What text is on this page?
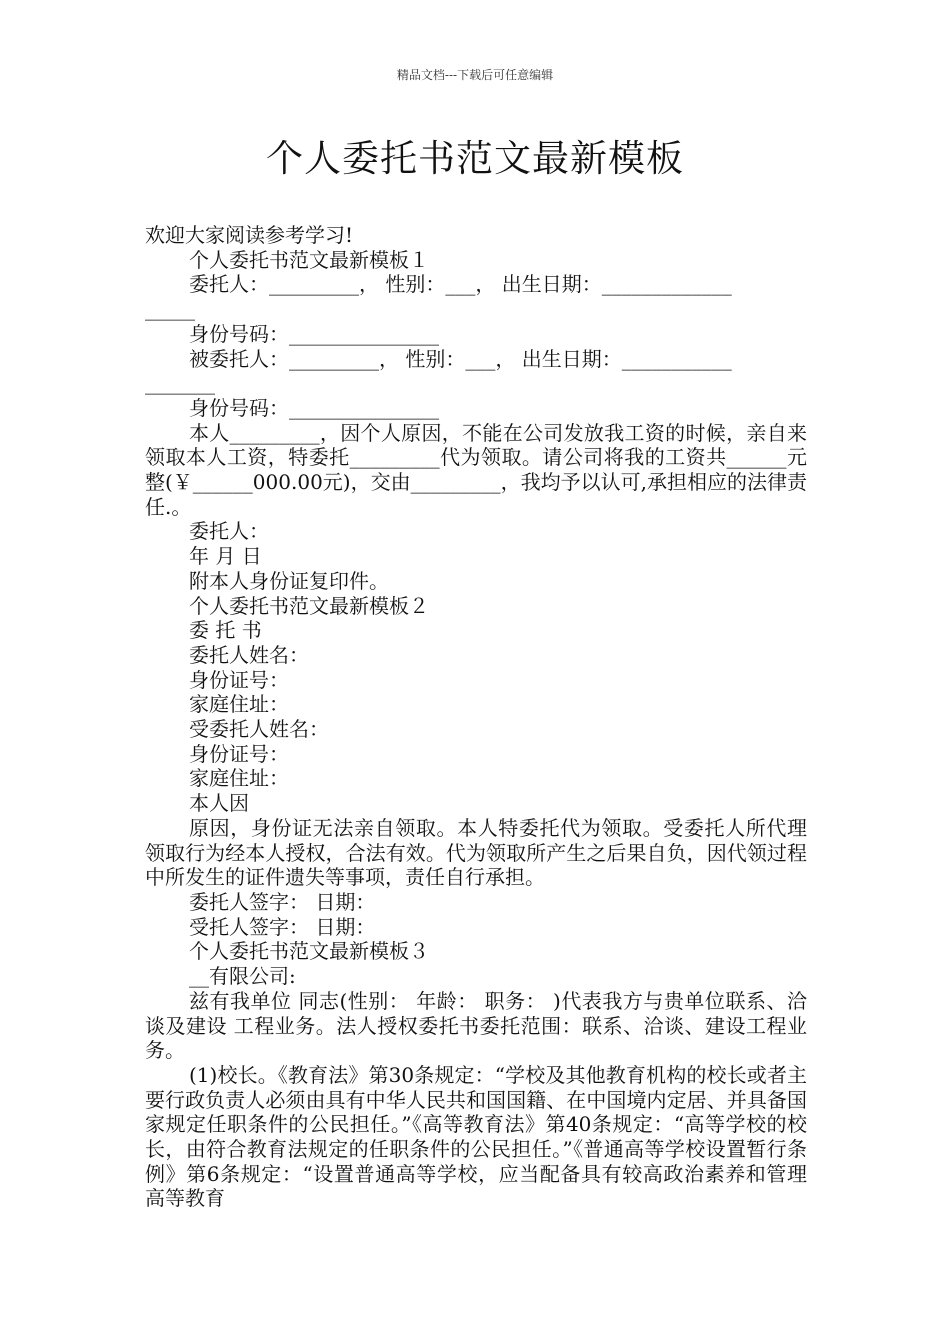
精品文档---下载后可任意编辑
个人委托书范文最新模板

欢迎大家阅读参考学习!

个人委托书范文最新模板１

委托人：_________， 性别：___， 出生日期：_____________

_____

身份号码：_______________

被委托人：_________， 性别：___， 出生日期：___________

_______

身份号码：_______________

本人_________，因个人原因，不能在公司发放我工资的时候，亲自来领取本人工资，特委托_________代为领取。请公司将我的工资共______元整(￥______000.00元)，交由_________，我均予以认可,承担相应的法律责任.。

委托人：

年 月 日

附本人身份证复印件。

个人委托书范文最新模板２

委 托 书

委托人姓名：

身份证号：

家庭住址：

受委托人姓名：

身份证号：

家庭住址：

本人因

原因，身份证无法亲自领取。本人特委托代为领取。受委托人所代理领取行为经本人授权，合法有效。代为领取所产生之后果自负，因代领过程中所发生的证件遗失等事项，责任自行承担。

委托人签字： 日期：

受托人签字： 日期：

个人委托书范文最新模板３

__有限公司:

兹有我单位 同志(性别： 年龄： 职务： )代表我方与贵单位联系、洽谈及建设 工程业务。法人授权委托书委托范围：联系、洽谈、建设工程业务。

(1)校长。《教育法》第30条规定：“学校及其他教育机构的校长或者主要行政负责人必须由具有中华人民共和国国籍、在中国境内定居、并具备国家规定任职条件的公民担任。”《高等教育法》第40条规定：“高等学校的校长，由符合教育法规定的任职条件的公民担任。”《普通高等学校设置暂行条例》第6条规定：“设置普通高等学校，应当配备具有较高政治素养和管理高等教育
